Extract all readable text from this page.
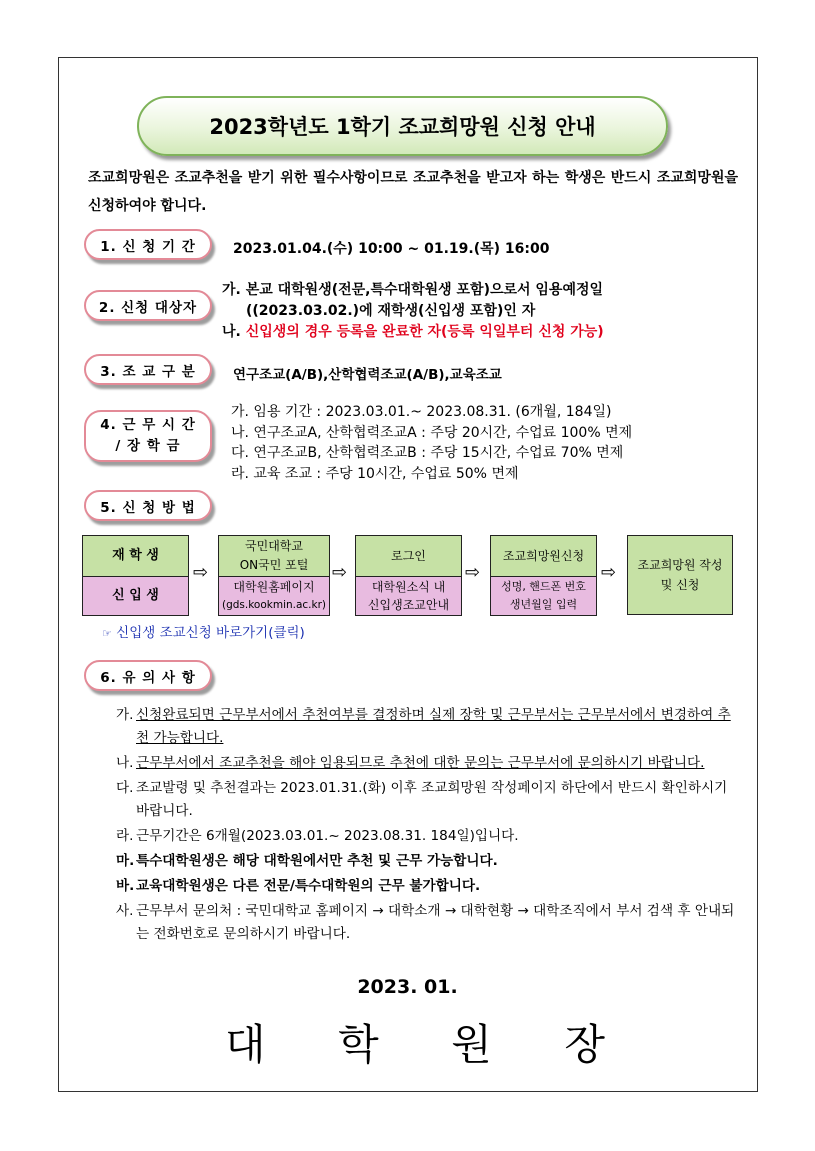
2023학년도 1학기 조교희망원 신청 안내
조교희망원은 조교추천을 받기 위한 필수사항이므로 조교추천을 받고자 하는 학생은 반드시 조교희망원을 신청하여야 합니다.
1. 신 청 기 간	2023.01.04.(수) 10:00 ~ 01.19.(목) 16:00
2. 신청 대상자
가. 본교 대학원생(전문,특수대학원생 포함)으로서 임용예정일
((2023.03.02.)에 재학생(신입생 포함)인 자
나. 신입생의 경우 등록을 완료한 자(등록 익일부터 신청 가능)
3. 조 교 구 분	연구조교(A/B),산학협력조교(A/B),교육조교
4. 근 무 시 간
/ 장 학 금
가. 임용 기간 : 2023.03.01.~ 2023.08.31. (6개월, 184일)
나. 연구조교A, 산학협력조교A : 주당 20시간, 수업료 100% 면제
다. 연구조교B, 산학협력조교B : 주당 15시간, 수업료 70% 면제
라. 교육 조교 : 주당 10시간, 수업료 50% 면제
5. 신 청 방 법
재 학 생
신 입 생
⇨
국민대학교
ON국민 포털
대학원홈페이지
(gds.kookmin.ac.kr)
⇨
로그인
대학원소식 내
신입생조교안내
⇨
조교희망원신청
성명, 핸드폰 번호
생년월일 입력
⇨ 조교희망원 작성
및 신청
☞ 신입생 조교신청 바로가기(클릭)
6. 유 의 사 항
가. 신청완료되면 근무부서에서 추천여부를 결정하며 실제 장학 및 근무부서는 근무부서에서 변경하여 추천 가능합니다.
나. 근무부서에서 조교추천을 해야 임용되므로 추천에 대한 문의는 근무부서에 문의하시기 바랍니다.
다. 조교발령 및 추천결과는 2023.01.31.(화) 이후 조교희망원 작성페이지 하단에서 반드시 확인하시기 바랍니다.
라. 근무기간은 6개월(2023.03.01.~ 2023.08.31. 184일)입니다.
마. 특수대학원생은 해당 대학원에서만 추천 및 근무 가능합니다.
바. 교육대학원생은 다른 전문/특수대학원의 근무 불가합니다.
사. 근무부서 문의처 : 국민대학교 홈페이지 → 대학소개 → 대학현황 → 대학조직에서 부서 검색 후 안내되는 전화번호로 문의하시기 바랍니다.
2023. 01.
대 학 원 장
